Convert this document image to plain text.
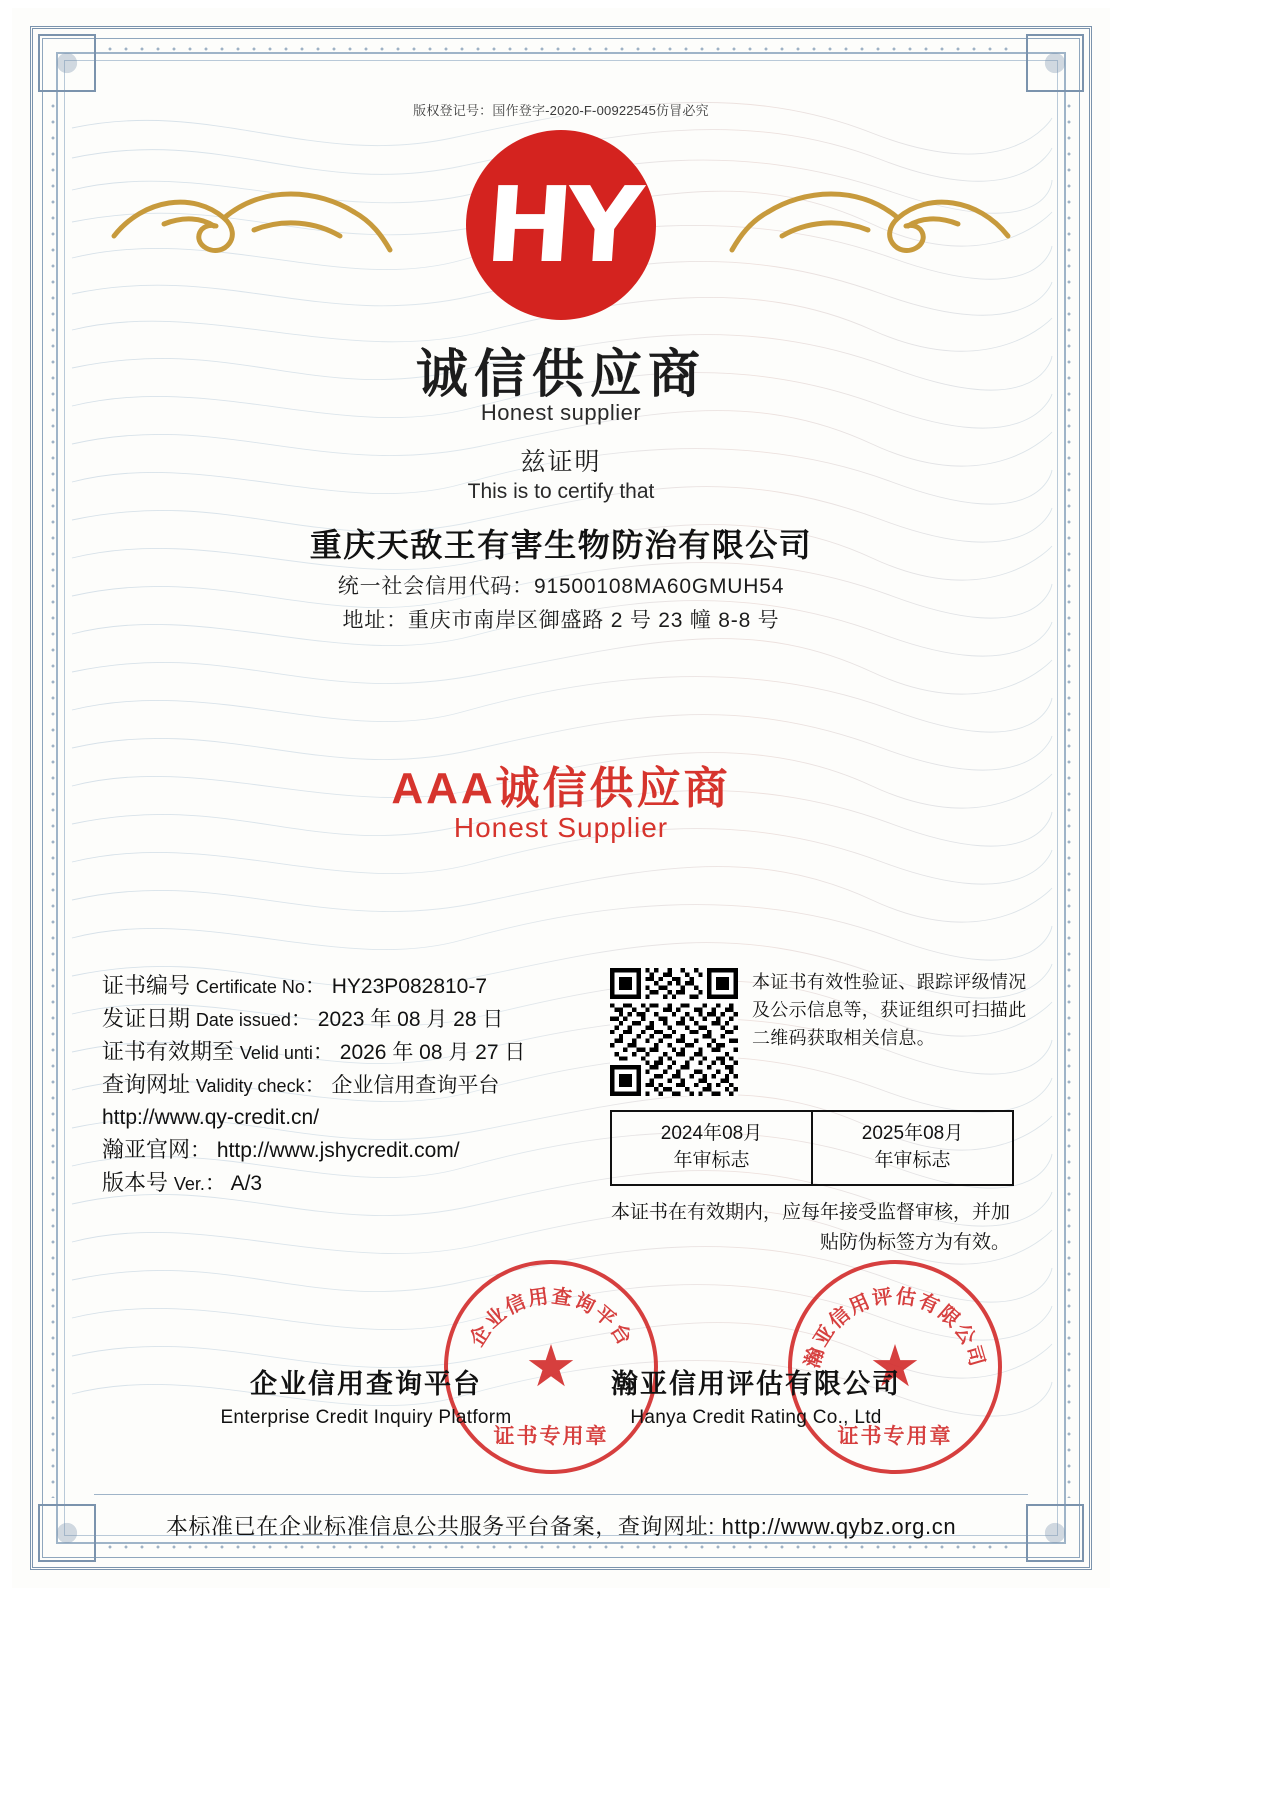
版权登记号：国作登字-2020-F-00922545仿冒必究
HY
诚信供应商
Honest supplier
兹证明
This is to certify that
重庆天敌王有害生物防治有限公司
统一社会信用代码：91500108MA60GMUH54
地址：重庆市南岸区御盛路 2 号 23 幢 8-8 号
AAA诚信供应商
Honest Supplier
证书编号 Certificate No： HY23P082810-7
发证日期 Date issued： 2023 年 08 月 28 日
证书有效期至 Velid unti： 2026 年 08 月 27 日
查询网址 Validity check： 企业信用查询平台
http://www.qy-credit.cn/
瀚亚官网： http://www.jshycredit.com/
版本号 Ver.： A/3
本证书有效性验证、跟踪评级情况及公示信息等，获证组织可扫描此二维码获取相关信息。
2024年08月
年审标志
2025年08月
年审标志
本证书在有效期内，应每年接受监督审核，并加贴防伪标签方为有效。
企业信用查询平台
★
证书专用章
瀚亚信用评估有限公司
★
证书专用章
企业信用查询平台
Enterprise Credit Inquiry Platform
瀚亚信用评估有限公司
Hanya Credit Rating Co., Ltd
本标准已在企业标准信息公共服务平台备案，查询网址: http://www.qybz.org.cn
